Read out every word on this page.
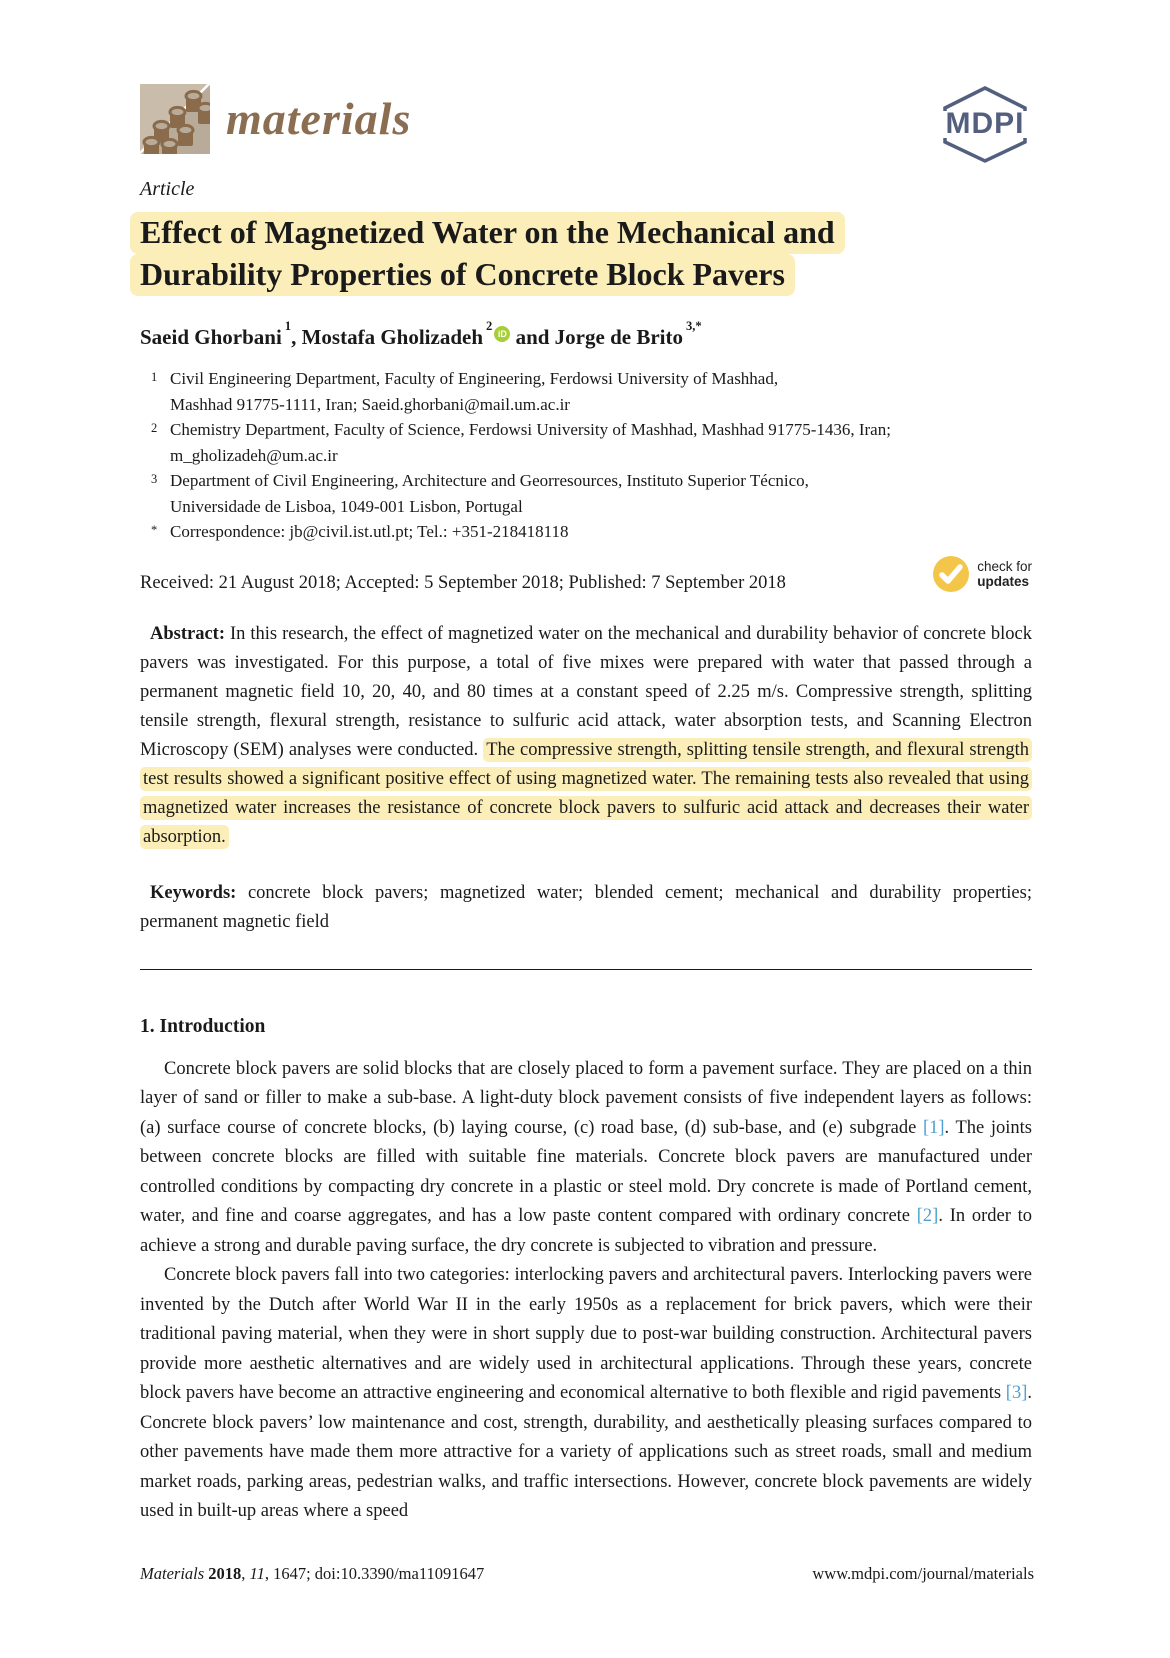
materials	MDPI

Article

Effect of Magnetized Water on the Mechanical and
Durability Properties of Concrete Block Pavers

Saeid Ghorbani $^1$, Mostafa Gholizadeh $^2$iD and Jorge de Brito $^{3,*}$

1 Civil Engineering Department, Faculty of Engineering, Ferdowsi University of Mashhad,
Mashhad 91775-1111, Iran; Saeid.ghorbani@mail.um.ac.ir
2 Chemistry Department, Faculty of Science, Ferdowsi University of Mashhad, Mashhad 91775-1436, Iran;
m_gholizadeh@um.ac.ir
3 Department of Civil Engineering, Architecture and Georresources, Instituto Superior Técnico,
Universidade de Lisboa, 1049-001 Lisbon, Portugal
* Correspondence: jb@civil.ist.utl.pt; Tel.: +351-218418118
Received: 21 August 2018; Accepted: 5 September 2018; Published: 7 September 2018
check for
updates

Abstract: In this research, the effect of magnetized water on the mechanical and durability behavior of concrete block pavers was investigated. For this purpose, a total of five mixes were prepared with water that passed through a permanent magnetic field 10, 20, 40, and 80 times at a constant speed of 2.25 m/s. Compressive strength, splitting tensile strength, flexural strength, resistance to sulfuric acid attack, water absorption tests, and Scanning Electron Microscopy (SEM) analyses were conducted. The compressive strength, splitting tensile strength, and flexural strength test results showed a significant positive effect of using magnetized water. The remaining tests also revealed that using magnetized water increases the resistance of concrete block pavers to sulfuric acid attack and decreases their water absorption.

Keywords: concrete block pavers; magnetized water; blended cement; mechanical and durability properties; permanent magnetic field

1. Introduction

Concrete block pavers are solid blocks that are closely placed to form a pavement surface. They are placed on a thin layer of sand or filler to make a sub-base. A light-duty block pavement consists of five independent layers as follows: (a) surface course of concrete blocks, (b) laying course, (c) road base, (d) sub-base, and (e) subgrade [1]. The joints between concrete blocks are filled with suitable fine materials. Concrete block pavers are manufactured under controlled conditions by compacting dry concrete in a plastic or steel mold. Dry concrete is made of Portland cement, water, and fine and coarse aggregates, and has a low paste content compared with ordinary concrete [2]. In order to achieve a strong and durable paving surface, the dry concrete is subjected to vibration and pressure.

Concrete block pavers fall into two categories: interlocking pavers and architectural pavers. Interlocking pavers were invented by the Dutch after World War II in the early 1950s as a replacement for brick pavers, which were their traditional paving material, when they were in short supply due to post-war building construction. Architectural pavers provide more aesthetic alternatives and are widely used in architectural applications. Through these years, concrete block pavers have become an attractive engineering and economical alternative to both flexible and rigid pavements [3]. Concrete block pavers’ low maintenance and cost, strength, durability, and aesthetically pleasing surfaces compared to other pavements have made them more attractive for a variety of applications such as street roads, small and medium market roads, parking areas, pedestrian walks, and traffic intersections. However, concrete block pavements are widely used in built-up areas where a speed

Materials 2018, 11, 1647; doi:10.3390/ma11091647	www.mdpi.com/journal/materials
